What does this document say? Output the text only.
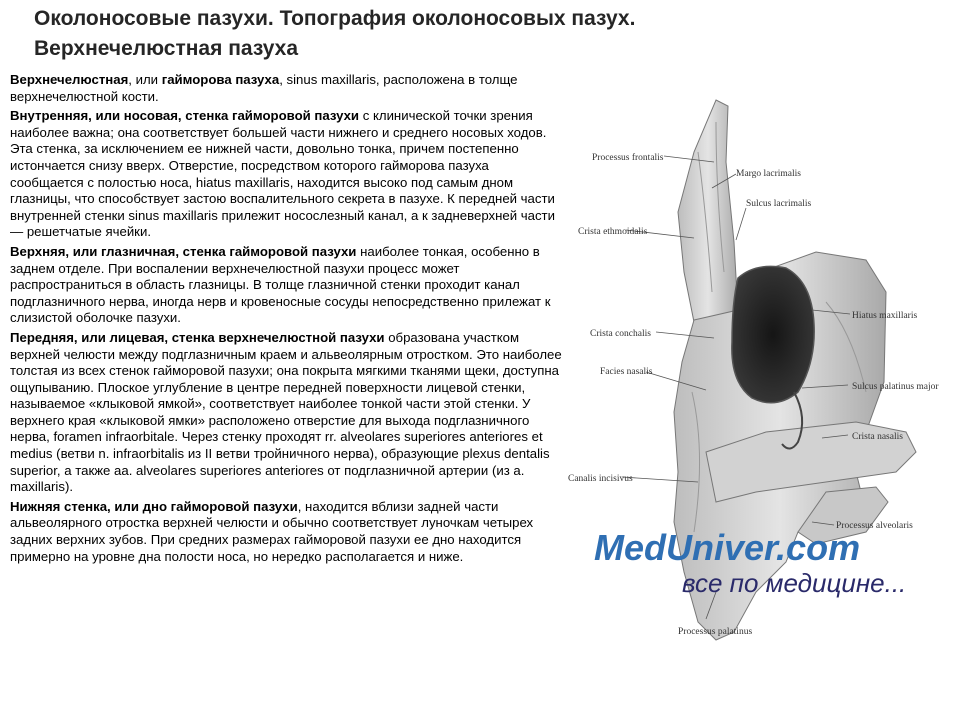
Околоносовые пазухи. Топография околоносовых пазух.
Верхнечелюстная пазуха

Верхнечелюстная, или гайморова пазуха, sinus maxillaris, расположена в толще верхнечелюстной кости.

Внутренняя, или носовая, стенка гайморовой пазухи с клинической точки зрения наиболее важна; она соответствует большей части нижнего и среднего носовых ходов. Эта стенка, за исключением ее нижней части, довольно тонка, причем постепенно истончается снизу вверх. Отверстие, посредством которого гайморова пазуха сообщается с полостью носа, hiatus maxillaris, находится высоко под самым дном глазницы, что способствует застою воспалительного секрета в пазухе. К передней части внутренней стенки sinus maxillaris прилежит носослезный канал, а к задневерхней части — решетчатые ячейки.

Верхняя, или глазничная, стенка гайморовой пазухи наиболее тонкая, особенно в заднем отделе. При воспалении верхнечелюстной пазухи процесс может распространиться в область глазницы. В толще глазничной стенки проходит канал подглазничного нерва, иногда нерв и кровеносные сосуды непосредственно прилежат к слизистой оболочке пазухи.

Передняя, или лицевая, стенка верхнечелюстной пазухи образована участком верхней челюсти между подглазничным краем и альвеолярным отростком. Это наиболее толстая из всех стенок гайморовой пазухи; она покрыта мягкими тканями щеки, доступна ощупыванию. Плоское углубление в центре передней поверхности лицевой стенки, называемое «клыковой ямкой», соответствует наиболее тонкой части этой стенки. У верхнего края «клыковой ямки» расположено отверстие для выхода подглазничного нерва, foramen infraorbitale. Через стенку проходят rr. alveolares superiores anteriores et medius (ветви n. infraorbitalis из II ветви тройничного нерва), образующие plexus dentalis superior, а также aa. alveolares superiores anteriores от подглазничной артерии (из a. maxillaris).

Нижняя стенка, или дно гайморовой пазухи, находится вблизи задней части альвеолярного отростка верхней челюсти и обычно соответствует луночкам четырех задних верхних зубов. При средних размерах гайморовой пазухи ее дно находится примерно на уровне дна полости носа, но нередко располагается и ниже.

Processus frontalis
Margo lacrimalis
Sulcus lacrimalis
Crista ethmoidalis
Hiatus maxillaris
Crista conchalis
Facies nasalis
Sulcus palatinus major
Crista nasalis
Canalis incisivus
Processus alveolaris
Processus palatinus
MedUniver.com
все по медицине...
